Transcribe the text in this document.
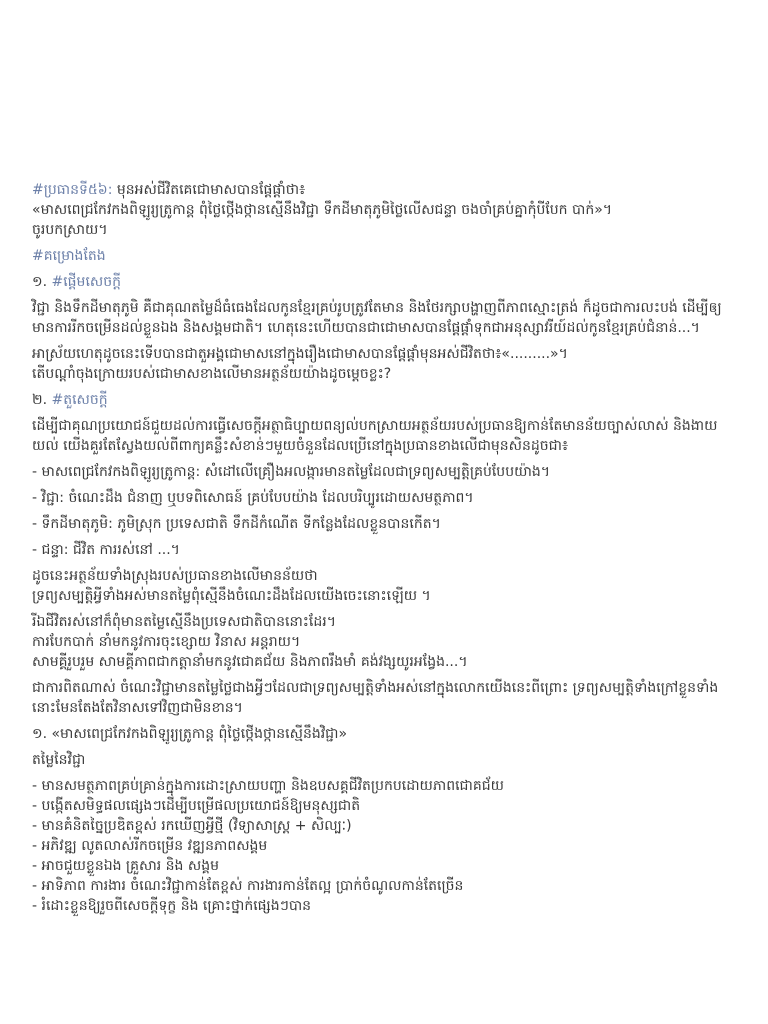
#ប្រធានទី៥៦: មុនអស់ជីវិតគេជោមាសបានផ្ដែផ្តាំថា៖
«មាសពេជ្រកែវកងពិឡូរ្យត្រូកាន្ត ពុំថ្លៃថ្កើងថ្កានស្មើនឹងវិជ្ជា ទឹកដីមាតុភូមិថ្លៃលើសជន្ទា ចងចាំគ្រប់គ្នាកុំបីបែក បាក់»។
ចូរបកស្រាយ។
#គម្រោងតែង
១. #ផ្ដើមសេចក្ដី
វិជ្ជា និងទឹកដីមាតុភូមិ គឺជាគុណតម្លៃដ៏ធំធេងដែលកូនខ្មែរគ្រប់រូបត្រូវតែមាន និងថែរក្សាបង្ហាញពីភាពស្មោះត្រង់ ក៏ដូចជាការលះបង់ ដើម្បីឲ្យមានការរីកចម្រើនដល់ខ្លួនឯង និងសង្គមជាតិ។ ហេតុនេះហើយបានជាជោមាសបានផ្ដែផ្ដាំទុកជាអនុស្សាវរីយ៍ដល់កូនខ្មែរគ្រប់ជំនាន់...។
អាស្រ័យហេតុដូចនេះទើបបានជាតួអង្គជោមាសនៅក្នុងរឿងជោមាសបានផ្ដែផ្ដាំមុនអស់ជីវិតថា៖«.........»។
តើបណ្ដាំចុងក្រោយរបស់ជោមាសខាងលើមានអត្ថន័យយ៉ាងដូចម្ដេចខ្លះ?
២. #តួសេចក្ដី
ដើម្បីជាគុណប្រយោជន៍ជួយដល់ការធ្វើសេចក្ដីអត្ថាធិប្បាយពន្យល់បកស្រាយអត្ថន័យរបស់ប្រធានឱ្យកាន់តែមានន័យច្បាស់លាស់ និងងាយយល់ យើងគួរតែស្វែងយល់ពីពាក្យគន្លឹះសំខាន់ៗមួយចំនួនដែលប្រើនៅក្នុងប្រធានខាងលើជាមុនសិនដូចជា៖
- មាសពេជ្រកែវកងពិឡូរ្យត្រូកាន្ត: សំដៅលើគ្រឿងអលង្ការមានតម្លៃដែលជាទ្រព្យសម្បត្តិគ្រប់បែបយ៉ាង។
- វិជ្ជា: ចំណេះដឹង ជំនាញ ឬបទពិសោធន៍ គ្រប់បែបយ៉ាង ដែលបរិប្បូរដោយសមត្ថភាព។
- ទឹកដីមាតុភូមិ: ភូមិស្រុក ប្រទេសជាតិ ទឹកដីកំណើត ទីកន្លែងដែលខ្លួនបានកើត។
- ជន្ទា: ជីវិត ការរស់នៅ ...។
ដូចនេះអត្ថន័យទាំងស្រុងរបស់ប្រធានខាងលើមានន័យថា
ទ្រព្យសម្បត្តិអ្វីទាំងអស់មានតម្លៃពុំស្មើនឹងចំណេះដឹងដែលយើងចេះនោះឡើយ ។
រីឯជីវិតរស់នៅក៏ពុំមានតម្លៃស្មើនឹងប្រទេសជាតិបាននោះដែរ។
ការបែកបាក់ នាំមកនូវការចុះខ្សោយ វិនាស អន្តរាយ។
សាមគ្គីរួបរួម សាមគ្គីភាពជាកត្តានាំមកនូវជោគជ័យ និងភាពរឹងមាំ គង់វង្សយូរអង្វែង...។
ជាការពិតណាស់ ចំណេះវិជ្ជាមានតម្លៃថ្លៃជាងអ្វីៗដែលជាទ្រព្យសម្បត្តិទាំងអស់នៅក្នុងលោកយើងនេះពីព្រោះ ទ្រព្យសម្បត្តិទាំងក្រៅខ្លួនទាំងនោះមែនតែងតែវិនាសទៅវិញជាមិនខាន។
១. «មាសពេជ្រកែវកងពិឡូរ្យត្រូកាន្ត ពុំថ្លៃថ្កើងថ្កានស្មើនឹងវិជ្ជា»
តម្លៃនៃវិជ្ជា
- មានសមត្ថភាពគ្រប់គ្រាន់ក្នុងការដោះស្រាយបញ្ហា និងឧបសគ្គជីវិតប្រកបដោយភាពជោគជ័យ
- បង្កើតសមិទ្ធផលផ្សេងៗដើម្បីបម្រើផលប្រយោជន៍ឱ្យមនុស្សជាតិ
- មានគំនិតច្នៃប្រឌិតខ្ពស់ រកឃើញអ្វីថ្មី (វិទ្យាសាស្ត្រ + សិល្បៈ)
- អភិវឌ្ឍ លូតលាស់រីកចម្រើន វឌ្ឍនភាពសង្គម
- អាចជួយខ្លួនឯង គ្រួសារ និង សង្គម
- អាទិភាព ការងារ ចំណេះវិជ្ជាកាន់តែខ្ពស់ ការងារកាន់តែល្អ ប្រាក់ចំណូលកាន់តែច្រើន
- រំដោះខ្លួនឱ្យរួចពីសេចក្ដីទុក្ខ និង គ្រោះថ្នាក់ផ្សេងៗបាន
